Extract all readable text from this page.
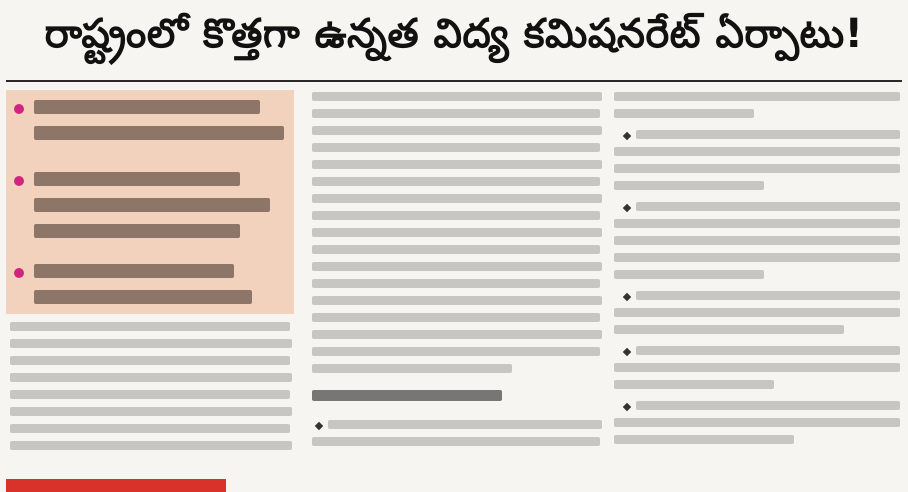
రాష్ట్రంలో కొత్తగా ఉన్నత విద్య కమిషనరేట్ ఏర్పాటు!
